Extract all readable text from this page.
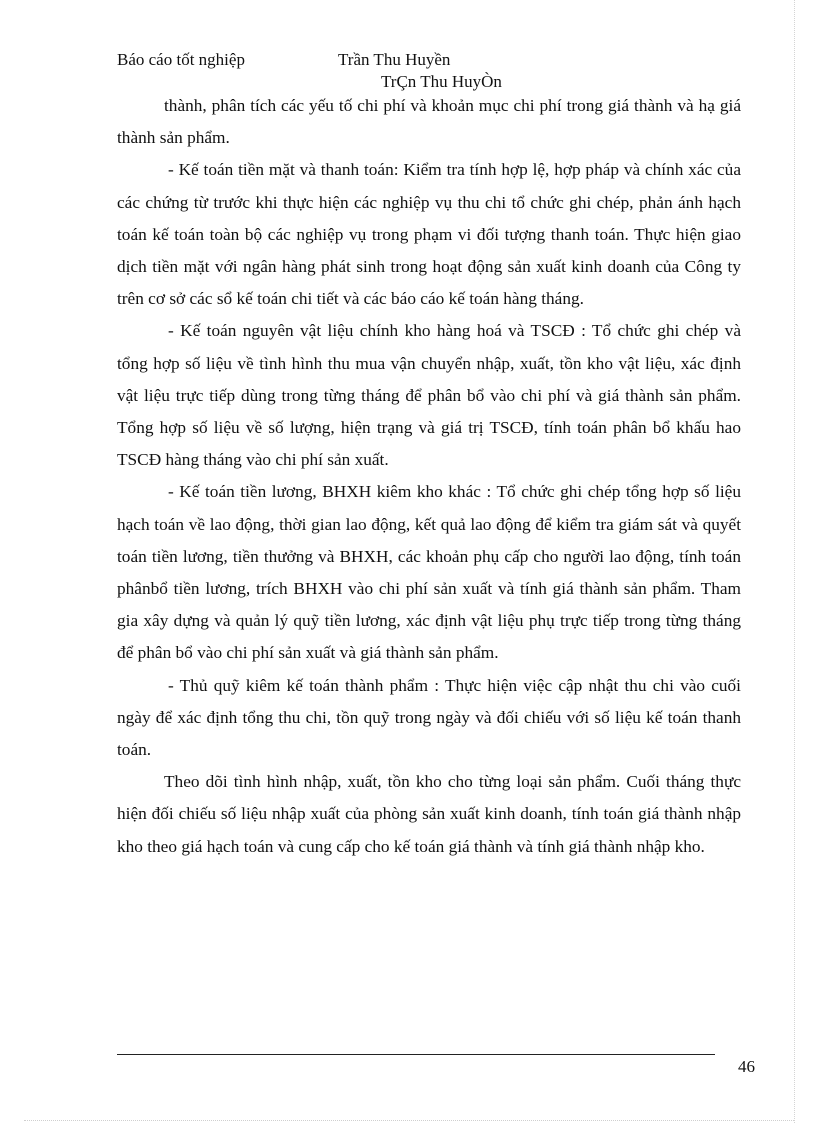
Báo cáo tốt nghiệp	Trần Thu Huyền
TrÇn Thu HuyÒn

thành, phân tích các yếu tố chi phí và khoản mục chi phí trong giá thành và hạ giá thành sản phẩm.

- Kế toán tiền mặt và thanh toán: Kiểm tra tính hợp lệ, hợp pháp và chính xác của các chứng từ trước khi thực hiện các nghiệp vụ thu chi tổ chức ghi chép, phản ánh hạch toán kế toán toàn bộ các nghiệp vụ trong phạm vi đối tượng thanh toán. Thực hiện giao dịch tiền mặt với ngân hàng phát sinh trong hoạt động sản xuất kinh doanh của Công ty trên cơ sở các sổ kế toán chi tiết và các báo cáo kế toán hàng tháng.

- Kế toán nguyên vật liệu chính kho hàng hoá và TSCĐ : Tổ chức ghi chép và tổng hợp số liệu về tình hình thu mua vận chuyển nhập, xuất, tồn kho vật liệu, xác định vật liệu trực tiếp dùng trong từng tháng để phân bổ vào chi phí và giá thành sản phẩm. Tổng hợp số liệu về số lượng, hiện trạng và giá trị TSCĐ, tính toán phân bổ khấu hao TSCĐ hàng tháng vào chi phí sản xuất.

- Kế toán tiền lương, BHXH kiêm kho khác : Tổ chức ghi chép tổng hợp số liệu hạch toán về lao động, thời gian lao động, kết quả lao động để kiểm tra giám sát và quyết toán tiền lương, tiền thưởng và BHXH, các khoản phụ cấp cho người lao động, tính toán phânbổ tiền lương, trích BHXH vào chi phí sản xuất và tính giá thành sản phẩm. Tham gia xây dựng và quản lý quỹ tiền lương, xác định vật liệu phụ trực tiếp trong từng tháng để phân bổ vào chi phí sản xuất và giá thành sản phẩm.

- Thủ quỹ kiêm kế toán thành phẩm : Thực hiện việc cập nhật thu chi vào cuối ngày để xác định tổng thu chi, tồn quỹ trong ngày và đối chiếu với số liệu kế toán thanh toán.

Theo dõi tình hình nhập, xuất, tồn kho cho từng loại sản phẩm. Cuối tháng thực hiện đối chiếu số liệu nhập xuất của phòng sản xuất kinh doanh, tính toán giá thành nhập kho theo giá hạch toán và cung cấp cho kế toán giá thành và tính giá thành nhập kho.

46
